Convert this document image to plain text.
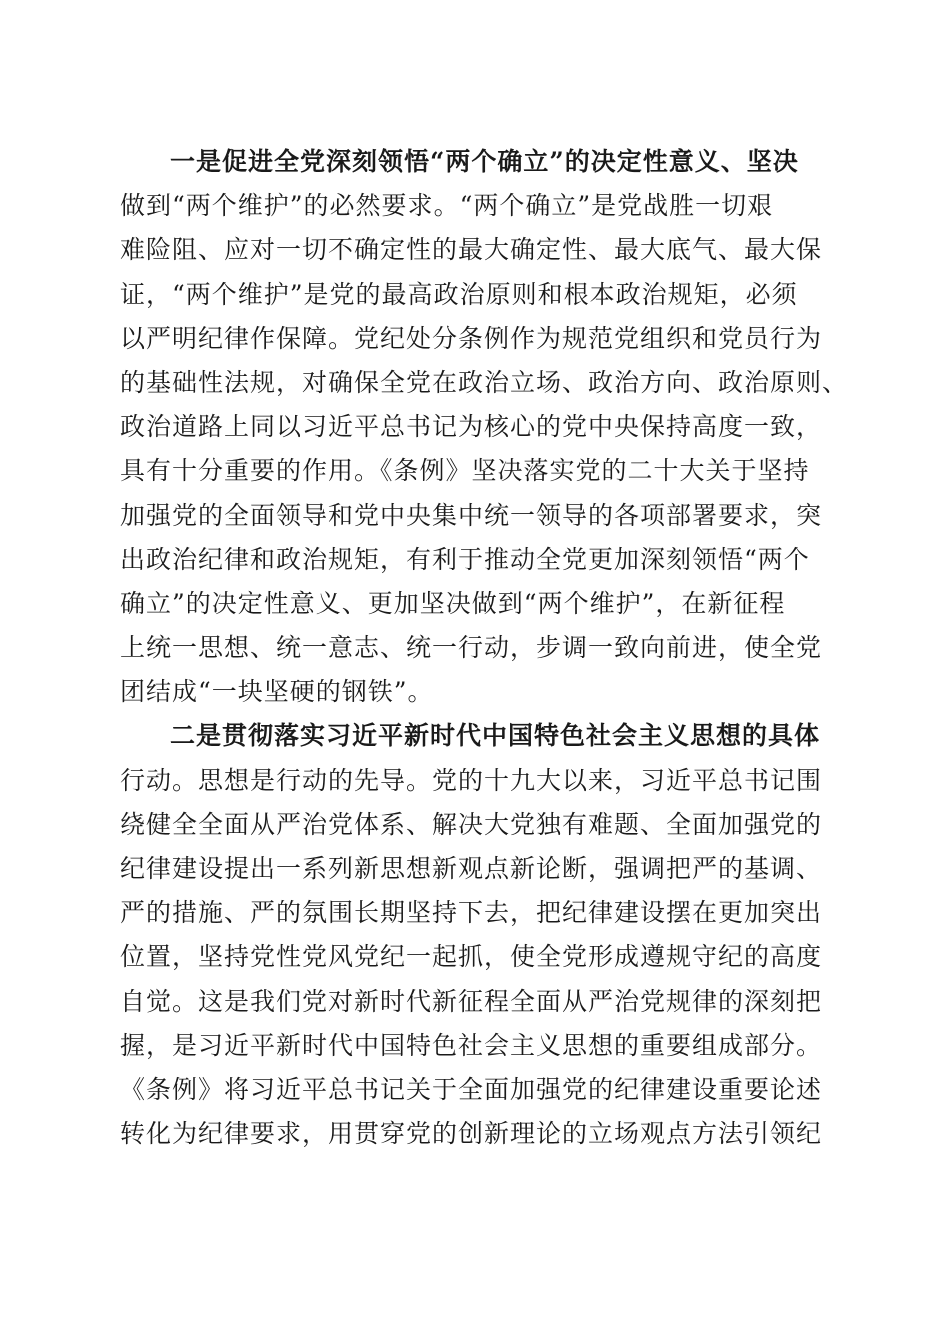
一是促进全党深刻领悟“两个确立”的决定性意义、坚决
做到“两个维护”的必然要求。“两个确立”是党战胜一切艰
难险阻、应对一切不确定性的最大确定性、最大底气、最大保
证，“两个维护”是党的最高政治原则和根本政治规矩，必须
以严明纪律作保障。党纪处分条例作为规范党组织和党员行为
的基础性法规，对确保全党在政治立场、政治方向、政治原则、
政治道路上同以习近平总书记为核心的党中央保持高度一致，
具有十分重要的作用。《条例》坚决落实党的二十大关于坚持
加强党的全面领导和党中央集中统一领导的各项部署要求，突
出政治纪律和政治规矩，有利于推动全党更加深刻领悟“两个
确立”的决定性意义、更加坚决做到“两个维护”，在新征程
上统一思想、统一意志、统一行动，步调一致向前进，使全党
团结成“一块坚硬的钢铁”。
二是贯彻落实习近平新时代中国特色社会主义思想的具体
行动。思想是行动的先导。党的十九大以来，习近平总书记围
绕健全全面从严治党体系、解决大党独有难题、全面加强党的
纪律建设提出一系列新思想新观点新论断，强调把严的基调、
严的措施、严的氛围长期坚持下去，把纪律建设摆在更加突出
位置，坚持党性党风党纪一起抓，使全党形成遵规守纪的高度
自觉。这是我们党对新时代新征程全面从严治党规律的深刻把
握，是习近平新时代中国特色社会主义思想的重要组成部分。
《条例》将习近平总书记关于全面加强党的纪律建设重要论述
转化为纪律要求，用贯穿党的创新理论的立场观点方法引领纪
